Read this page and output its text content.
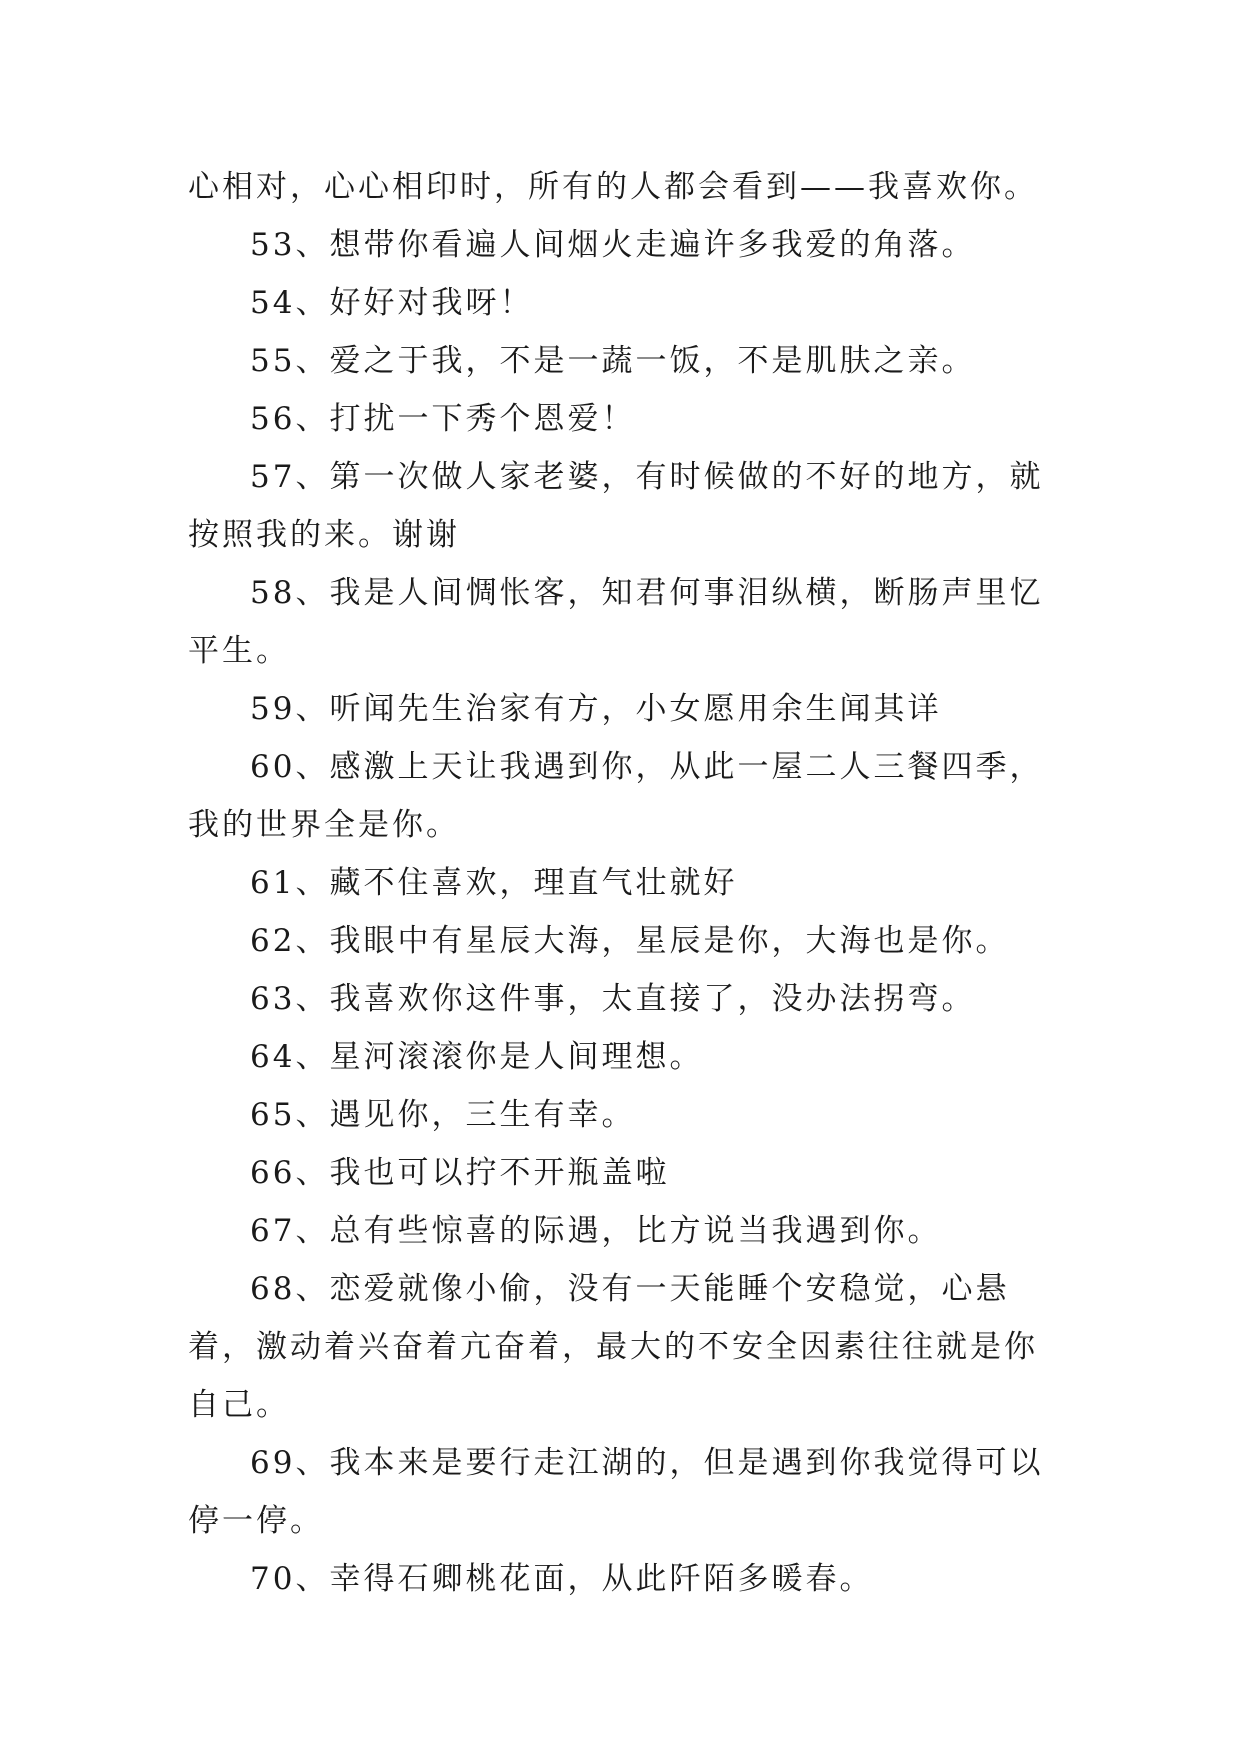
心相对，心心相印时，所有的人都会看到——我喜欢你。

53、想带你看遍人间烟火走遍许多我爱的角落。

54、好好对我呀！

55、爱之于我，不是一蔬一饭，不是肌肤之亲。

56、打扰一下秀个恩爱！

57、第一次做人家老婆，有时候做的不好的地方，就按照我的来。谢谢

58、我是人间惆怅客，知君何事泪纵横，断肠声里忆平生。

59、听闻先生治家有方，小女愿用余生闻其详

60、感激上天让我遇到你，从此一屋二人三餐四季，我的世界全是你。

61、藏不住喜欢，理直气壮就好

62、我眼中有星辰大海，星辰是你，大海也是你。

63、我喜欢你这件事，太直接了，没办法拐弯。

64、星河滚滚你是人间理想。

65、遇见你，三生有幸。

66、我也可以拧不开瓶盖啦

67、总有些惊喜的际遇，比方说当我遇到你。

68、恋爱就像小偷，没有一天能睡个安稳觉，心悬着，激动着兴奋着亢奋着，最大的不安全因素往往就是你自己。

69、我本来是要行走江湖的，但是遇到你我觉得可以停一停。

70、幸得石卿桃花面，从此阡陌多暖春。
